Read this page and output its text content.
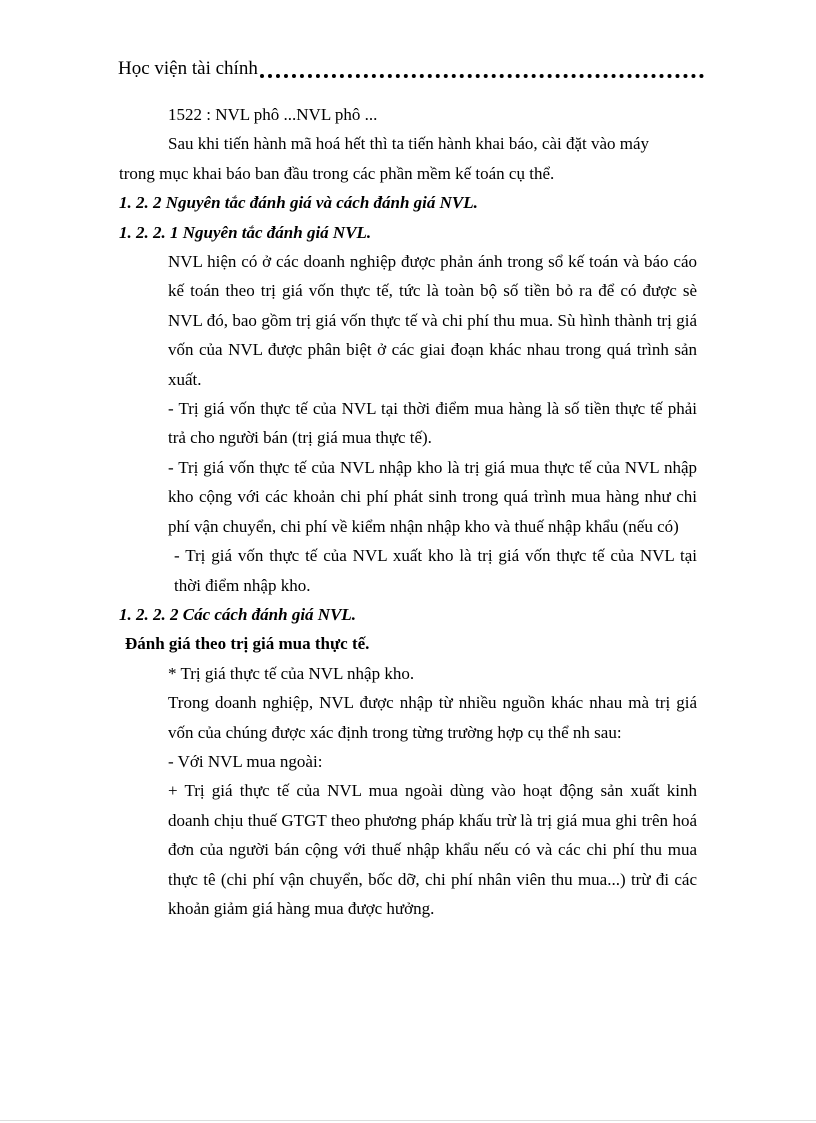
Học viện tài chính

1522 : NVL phô ...NVL phô ...

Sau khi tiến hành mã hoá hết thì ta tiến hành khai báo, cài đặt vào máy

trong mục khai báo ban đầu trong các phần mềm kế toán cụ thể.

1. 2. 2 Nguyên tắc đánh giá và cách đánh giá NVL.

1. 2. 2. 1 Nguyên tắc đánh giá NVL.

NVL hiện có ở các doanh nghiệp được phản ánh trong sổ kế toán và báo cáo kế toán theo trị giá vốn thực tế, tức là toàn bộ số tiền bỏ ra để có được sè NVL đó, bao gồm trị giá vốn thực tế và chi phí thu mua. Sù hình thành trị giá vốn của NVL được phân biệt ở các giai đoạn khác nhau trong quá trình sản xuất.

- Trị giá vốn thực tế của NVL tại thời điểm mua hàng là số tiền thực tế phải trả cho người bán (trị giá mua thực tế).

- Trị giá vốn thực tế của NVL nhập kho là trị giá mua thực tế của NVL nhập kho cộng với các khoản chi phí phát sinh trong quá trình mua hàng như chi phí vận chuyển, chi phí về kiểm nhận nhập kho và thuế nhập khẩu (nếu có)

- Trị giá vốn thực tế của NVL xuất kho là trị giá vốn thực tế của NVL tại thời điểm nhập kho.

1. 2. 2. 2 Các cách đánh giá NVL.

Đánh giá theo trị giá mua thực tế.

* Trị giá thực tế của NVL nhập kho.

Trong doanh nghiệp, NVL được nhập từ nhiều nguồn khác nhau mà trị giá vốn của chúng được xác định trong từng trường hợp cụ thể nh sau:

- Với NVL mua ngoài:

+ Trị giá thực tế của NVL mua ngoài dùng vào hoạt động sản xuất kinh doanh chịu thuế GTGT theo phương pháp khấu trừ là trị giá mua ghi trên hoá đơn của người bán cộng với thuế nhập khẩu nếu có và các chi phí thu mua thực tê (chi phí vận chuyển, bốc dỡ, chi phí nhân viên thu mua...) trừ đi các khoản giảm giá hàng mua được hưởng.
